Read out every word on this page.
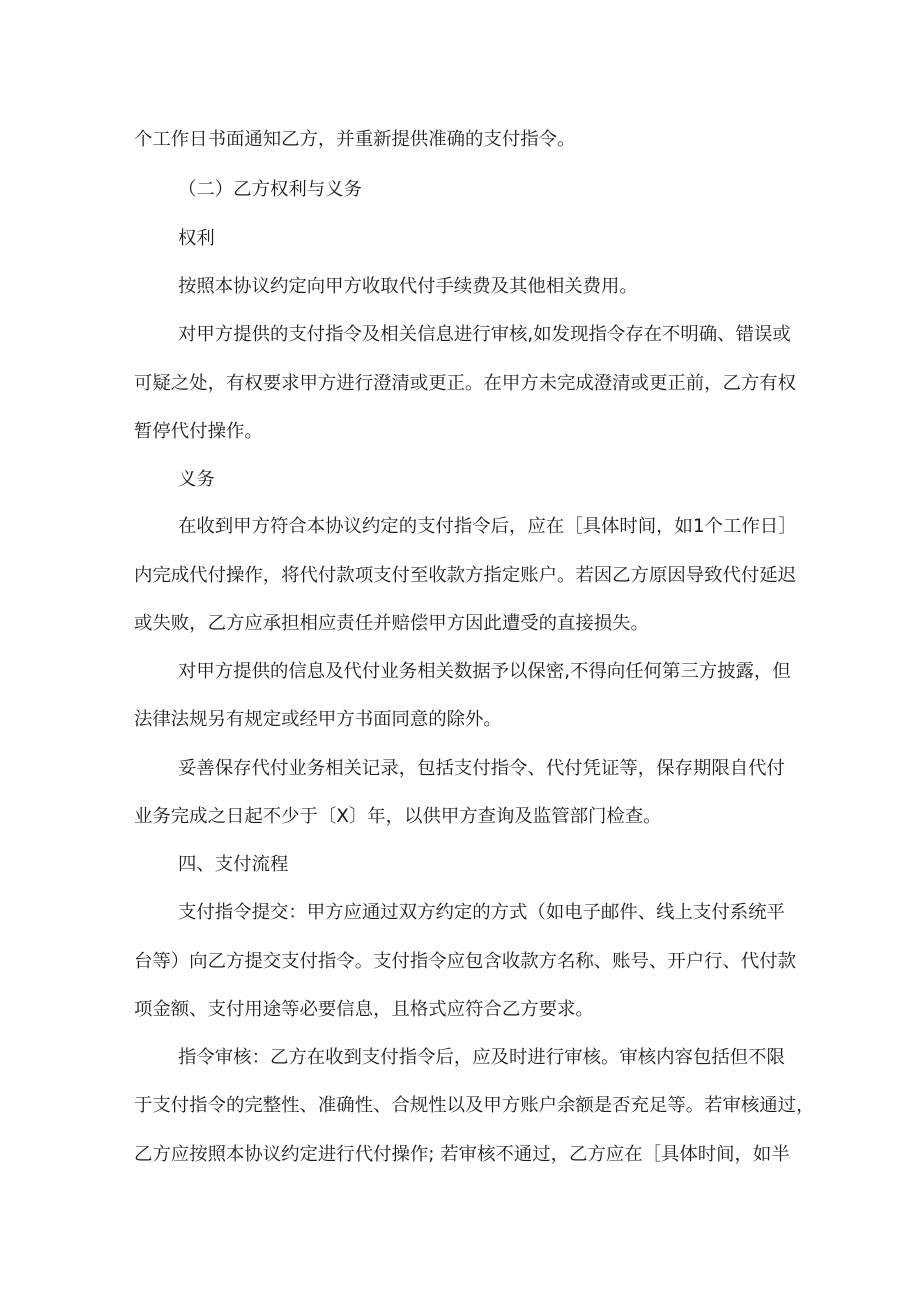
个工作日书面通知乙方，并重新提供准确的支付指令。
（二）乙方权利与义务
权利
按照本协议约定向甲方收取代付手续费及其他相关费用。
对甲方提供的支付指令及相关信息进行审核,如发现指令存在不明确、错误或
可疑之处，有权要求甲方进行澄清或更正。在甲方未完成澄清或更正前，乙方有权
暂停代付操作。
义务
在收到甲方符合本协议约定的支付指令后，应在［具体时间，如1个工作日］
内完成代付操作，将代付款项支付至收款方指定账户。若因乙方原因导致代付延迟
或失败，乙方应承担相应责任并赔偿甲方因此遭受的直接损失。
对甲方提供的信息及代付业务相关数据予以保密,不得向任何第三方披露，但
法律法规另有规定或经甲方书面同意的除外。
妥善保存代付业务相关记录，包括支付指令、代付凭证等，保存期限自代付
业务完成之日起不少于〔X〕年，以供甲方查询及监管部门检查。
四、支付流程
支付指令提交：甲方应通过双方约定的方式（如电子邮件、线上支付系统平
台等）向乙方提交支付指令。支付指令应包含收款方名称、账号、开户行、代付款
项金额、支付用途等必要信息，且格式应符合乙方要求。
指令审核：乙方在收到支付指令后，应及时进行审核。审核内容包括但不限
于支付指令的完整性、准确性、合规性以及甲方账户余额是否充足等。若审核通过，
乙方应按照本协议约定进行代付操作; 若审核不通过，乙方应在［具体时间，如半
